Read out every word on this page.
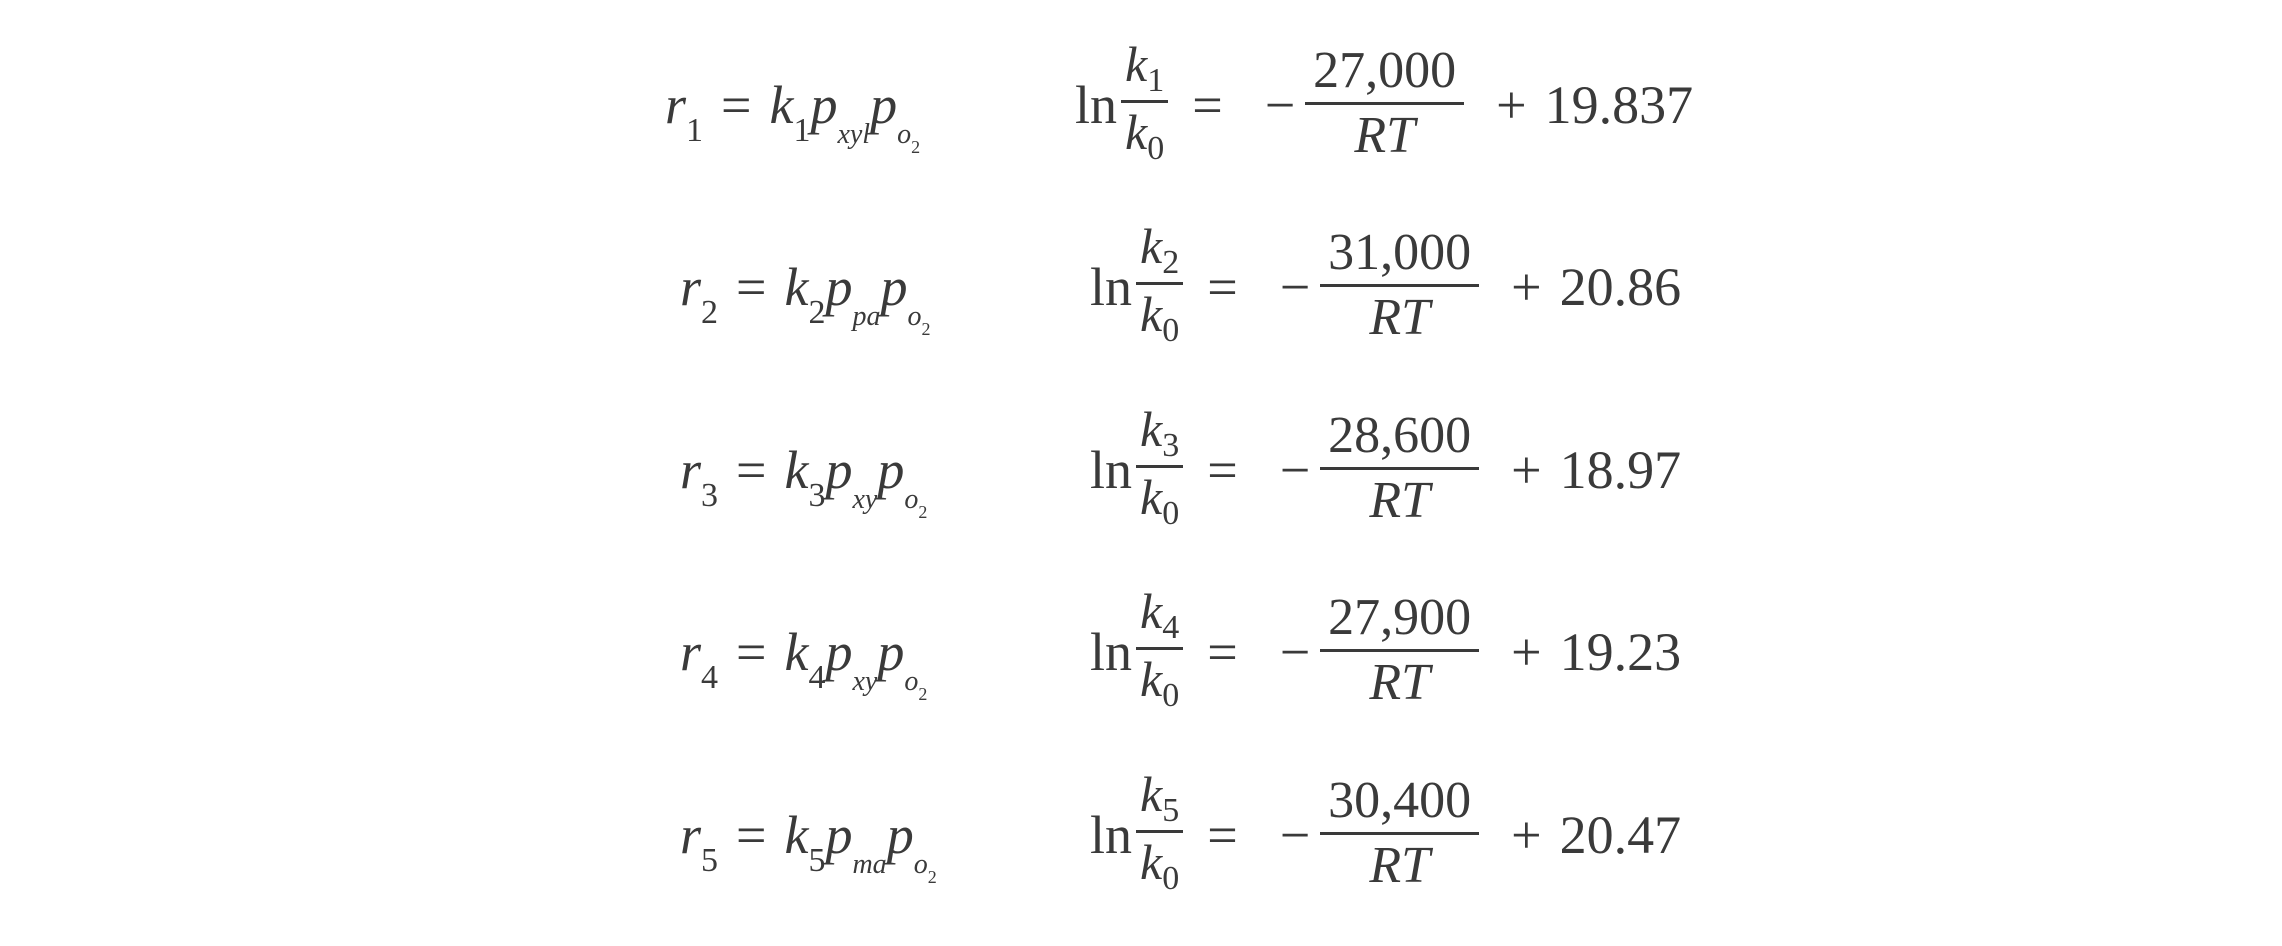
r 1 = k 1 p xyl p $o_2$
$\ln \frac{k_1}{k_0}$ = − $\frac{27,000}{RT} + 19.837$
r 2 = k 2 p pa p $o_2$
$\ln \frac{k_2}{k_0}$ = − $\frac{31,000}{RT} + 20.86$
r 3 = k 3 p xy p $o_2$
$\ln \frac{k_3}{k_0}$ = − $\frac{28,600}{RT} + 18.97$
r 4 = k 4 p xy p $o_2$
$\ln \frac{k_4}{k_0}$ = − $\frac{27,900}{RT} + 19.23$
r 5 = k 5 p ma p $o_2$
$\ln \frac{k_5}{k_0}$ = − $\frac{30,400}{RT} + 20.47$
